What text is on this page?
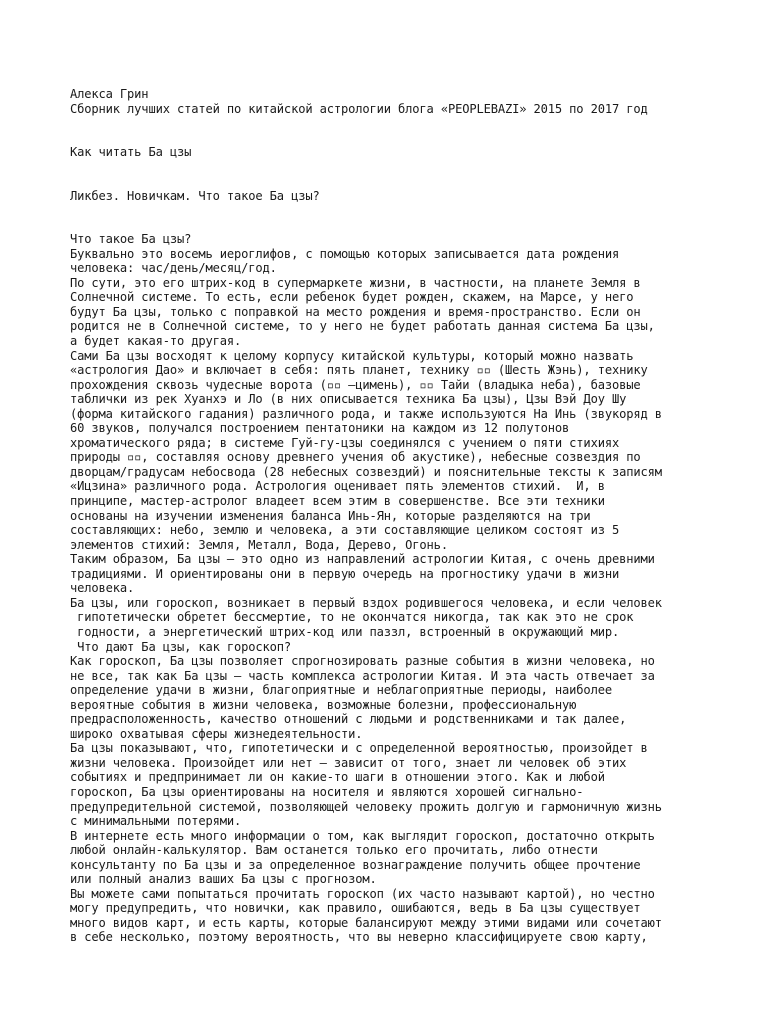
Алекса Грин
Сборник лучших статей по китайской астрологии блога «PEOPLEBAZI» 2015 по 2017 год
Как читать Ба цзы
Ликбез. Новичкам. Что такое Ба цзы?
Что такое Ба цзы?
Буквально это восемь иероглифов, с помощью которых записывается дата рождения
человека: час/день/месяц/год.
По сути, это его штрих-код в супермаркете жизни, в частности, на планете Земля в
Солнечной системе. То есть, если ребенок будет рожден, скажем, на Марсе, у него
будут Ба цзы, только с поправкой на место рождения и время-пространство. Если он
родится не в Солнечной системе, то у него не будет работать данная система Ба цзы,
а будет какая-то другая.
Сами Ба цзы восходят к целому корпусу китайской культуры, который можно назвать
«астрология Дао» и включает в себя: пять планет, технику ▫▫ (Шесть Жэнь), технику
прохождения сквозь чудесные ворота (▫▫ –цимень), ▫▫ Тайи (владыка неба), базовые
таблички из рек Хуанхэ и Ло (в них описывается техника Ба цзы), Цзы Вэй Доу Шу
(форма китайского гадания) различного рода, и также используются На Инь (звукоряд в
60 звуков, получался построением пентатоники на каждом из 12 полутонов
хроматического ряда; в системе Гуй-гу-цзы соединялся с учением о пяти стихиях
природы ▫▫, составляя основу древнего учения об акустике), небесные созвездия по
дворцам/градусам небосвода (28 небесных созвездий) и пояснительные тексты к записям
«Ицзина» различного рода. Астрология оценивает пять элементов стихий.  И, в
принципе, мастер-астролог владеет всем этим в совершенстве. Все эти техники
основаны на изучении изменения баланса Инь-Ян, которые разделяются на три
составляющих: небо, землю и человека, а эти составляющие целиком состоят из 5
элементов стихий: Земля, Металл, Вода, Дерево, Огонь.
Таким образом, Ба цзы – это одно из направлений астрологии Китая, с очень древними
традициями. И ориентированы они в первую очередь на прогностику удачи в жизни
человека.
Ба цзы, или гороскоп, возникает в первый вздох родившегося человека, и если человек
гипотетически обретет бессмертие, то не окончатся никогда, так как это не срок
годности, а энергетический штрих-код или паззл, встроенный в окружающий мир.
Что дают Ба цзы, как гороскоп?
Как гороскоп, Ба цзы позволяет спрогнозировать разные события в жизни человека, но
не все, так как Ба цзы – часть комплекса астрологии Китая. И эта часть отвечает за
определение удачи в жизни, благоприятные и неблагоприятные периоды, наиболее
вероятные события в жизни человека, возможные болезни, профессиональную
предрасположенность, качество отношений с людьми и родственниками и так далее,
широко охватывая сферы жизнедеятельности.
Ба цзы показывают, что, гипотетически и с определенной вероятностью, произойдет в
жизни человека. Произойдет или нет – зависит от того, знает ли человек об этих
событиях и предпринимает ли он какие-то шаги в отношении этого. Как и любой
гороскоп, Ба цзы ориентированы на носителя и являются хорошей сигнально-
предупредительной системой, позволяющей человеку прожить долгую и гармоничную жизнь
с минимальными потерями.
В интернете есть много информации о том, как выглядит гороскоп, достаточно открыть
любой онлайн-калькулятор. Вам останется только его прочитать, либо отнести
консультанту по Ба цзы и за определенное вознаграждение получить общее прочтение
или полный анализ ваших Ба цзы с прогнозом.
Вы можете сами попытаться прочитать гороскоп (их часто называют картой), но честно
могу предупредить, что новички, как правило, ошибаются, ведь в Ба цзы существует
много видов карт, и есть карты, которые балансируют между этими видами или сочетают
в себе несколько, поэтому вероятность, что вы неверно классифицируете свою карту,
